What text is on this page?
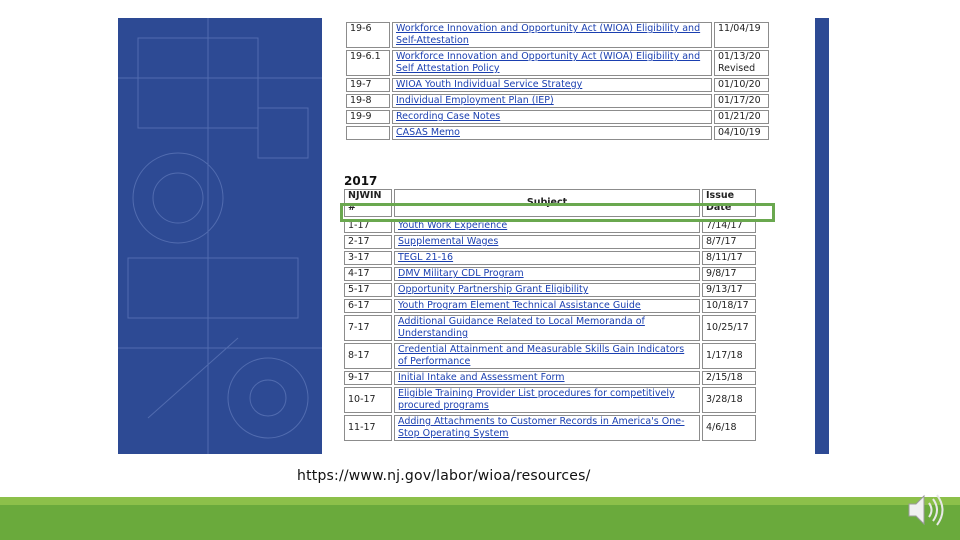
19-6	Workforce Innovation and Opportunity Act (WIOA) Eligibility and Self-Attestation	11/04/19
19-6.1	Workforce Innovation and Opportunity Act (WIOA) Eligibility and Self Attestation Policy	01/13/20 Revised
19-7	WIOA Youth Individual Service Strategy	01/10/20
19-8	Individual Employment Plan (IEP)	01/17/20
19-9	Recording Case Notes	01/21/20
	CASAS Memo	04/10/19
2017
NJWIN #	Subject	Issue Date
1-17	Youth Work Experience	7/14/17
2-17	Supplemental Wages	8/7/17
3-17	TEGL 21-16	8/11/17
4-17	DMV Military CDL Program	9/8/17
5-17	Opportunity Partnership Grant Eligibility	9/13/17
6-17	Youth Program Element Technical Assistance Guide	10/18/17
7-17	Additional Guidance Related to Local Memoranda of Understanding	10/25/17
8-17	Credential Attainment and Measurable Skills Gain Indicators of Performance	1/17/18
9-17	Initial Intake and Assessment Form	2/15/18
10-17	Eligible Training Provider List procedures for competitively procured programs	3/28/18
11-17	Adding Attachments to Customer Records in America's One-Stop Operating System	4/6/18
https://www.nj.gov/labor/wioa/resources/
